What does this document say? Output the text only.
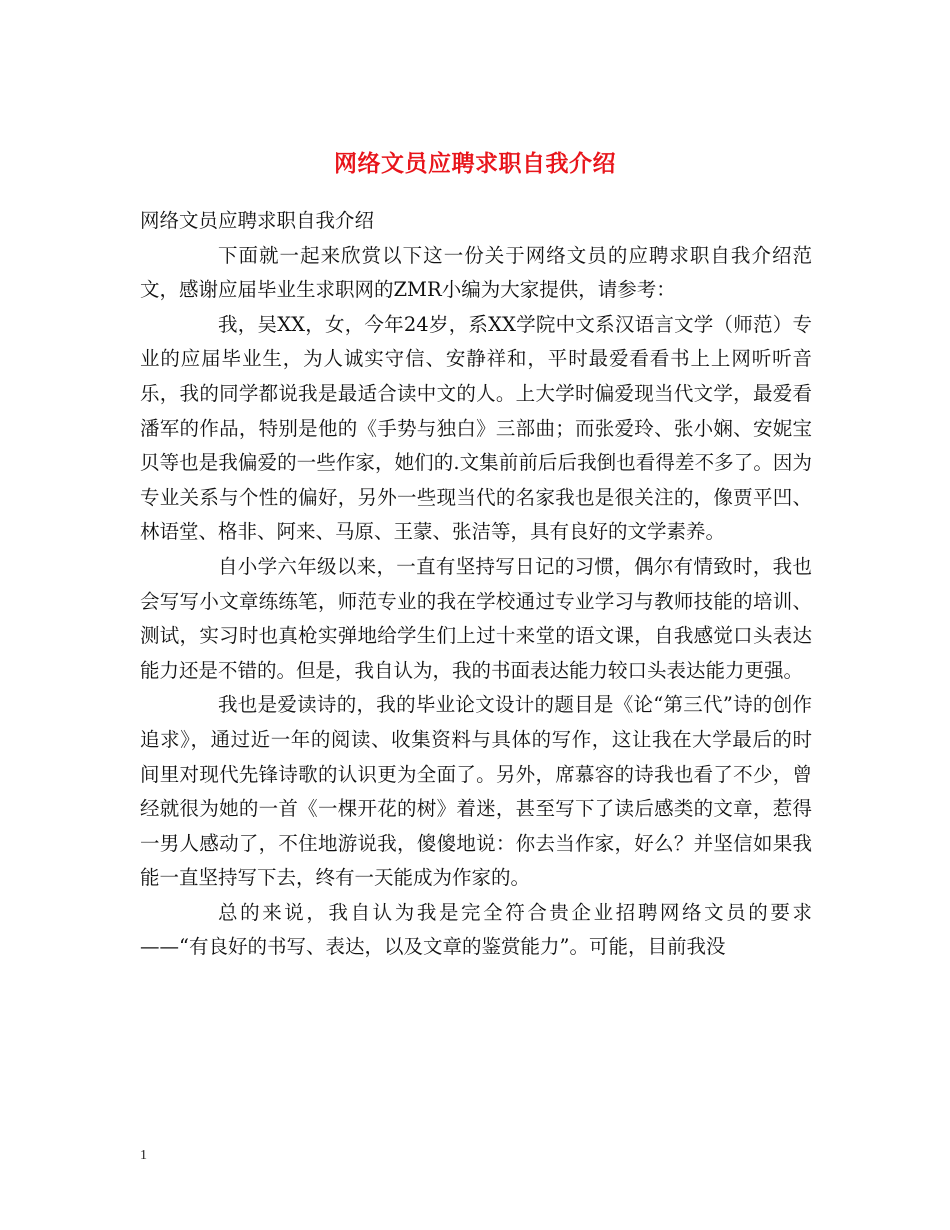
网络文员应聘求职自我介绍

网络文员应聘求职自我介绍

下面就一起来欣赏以下这一份关于网络文员的应聘求职自我介绍范文，感谢应届毕业生求职网的ZMR小编为大家提供，请参考：

我，吴XX，女，今年24岁，系XX学院中文系汉语言文学（师范）专业的应届毕业生，为人诚实守信、安静祥和，平时最爱看看书上上网听听音乐，我的同学都说我是最适合读中文的人。上大学时偏爱现当代文学，最爱看潘军的作品，特别是他的《手势与独白》三部曲；而张爱玲、张小娴、安妮宝贝等也是我偏爱的一些作家，她们的.文集前前后后我倒也看得差不多了。因为专业关系与个性的偏好，另外一些现当代的名家我也是很关注的，像贾平凹、林语堂、格非、阿来、马原、王蒙、张洁等，具有良好的文学素养。

自小学六年级以来，一直有坚持写日记的习惯，偶尔有情致时，我也会写写小文章练练笔，师范专业的我在学校通过专业学习与教师技能的培训、测试，实习时也真枪实弹地给学生们上过十来堂的语文课，自我感觉口头表达能力还是不错的。但是，我自认为，我的书面表达能力较口头表达能力更强。

我也是爱读诗的，我的毕业论文设计的题目是《论“第三代”诗的创作追求》，通过近一年的阅读、收集资料与具体的写作，这让我在大学最后的时间里对现代先锋诗歌的认识更为全面了。另外，席慕容的诗我也看了不少，曾经就很为她的一首《一棵开花的树》着迷，甚至写下了读后感类的文章，惹得一男人感动了，不住地游说我，傻傻地说：你去当作家，好么？并坚信如果我能一直坚持写下去，终有一天能成为作家的。

总的来说，我自认为我是完全符合贵企业招聘网络文员的要求——“有良好的书写、表达，以及文章的鉴赏能力”。可能，目前我没

1
